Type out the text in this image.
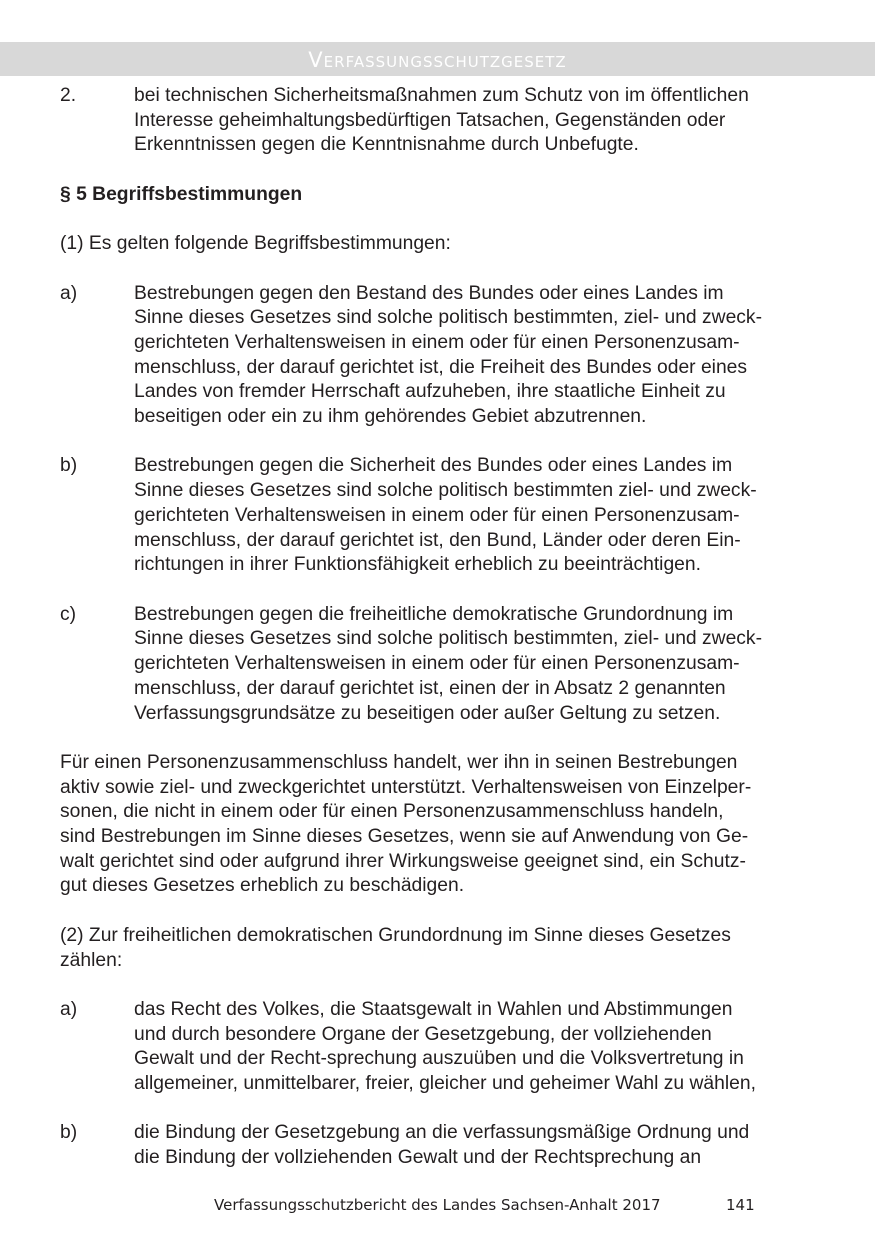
Verfassungsschutzgesetz
2.	bei technischen Sicherheitsmaßnahmen zum Schutz von im öffentlichen
Interesse geheimhaltungsbedürftigen Tatsachen, Gegenständen oder
Erkenntnissen gegen die Kenntnisnahme durch Unbefugte.
§ 5 Begriffsbestimmungen
(1) Es gelten folgende Begriffsbestimmungen:
a)	Bestrebungen gegen den Bestand des Bundes oder eines Landes im
Sinne dieses Gesetzes sind solche politisch bestimmten, ziel- und zweck-
gerichteten Verhaltensweisen in einem oder für einen Personenzusam-
menschluss, der darauf gerichtet ist, die Freiheit des Bundes oder eines
Landes von fremder Herrschaft aufzuheben, ihre staatliche Einheit zu
beseitigen oder ein zu ihm gehörendes Gebiet abzutrennen.
b)	Bestrebungen gegen die Sicherheit des Bundes oder eines Landes im
Sinne dieses Gesetzes sind solche politisch bestimmten ziel- und zweck-
gerichteten Verhaltensweisen in einem oder für einen Personenzusam-
menschluss, der darauf gerichtet ist, den Bund, Länder oder deren Ein-
richtungen in ihrer Funktionsfähigkeit erheblich zu beeinträchtigen.
c)	Bestrebungen gegen die freiheitliche demokratische Grundordnung im
Sinne dieses Gesetzes sind solche politisch bestimmten, ziel- und zweck-
gerichteten Verhaltensweisen in einem oder für einen Personenzusam-
menschluss, der darauf gerichtet ist, einen der in Absatz 2 genannten
Verfassungsgrundsätze zu beseitigen oder außer Geltung zu setzen.
Für einen Personenzusammenschluss handelt, wer ihn in seinen Bestrebungen
aktiv sowie ziel- und zweckgerichtet unterstützt. Verhaltensweisen von Einzelper-
sonen, die nicht in einem oder für einen Personenzusammenschluss handeln,
sind Bestrebungen im Sinne dieses Gesetzes, wenn sie auf Anwendung von Ge-
walt gerichtet sind oder aufgrund ihrer Wirkungsweise geeignet sind, ein Schutz-
gut dieses Gesetzes erheblich zu beschädigen.
(2) Zur freiheitlichen demokratischen Grundordnung im Sinne dieses Gesetzes
zählen:
a)	das Recht des Volkes, die Staatsgewalt in Wahlen und Abstimmungen
und durch besondere Organe der Gesetzgebung, der vollziehenden
Gewalt und der Recht-sprechung auszuüben und die Volksvertretung in
allgemeiner, unmittelbarer, freier, gleicher und geheimer Wahl zu wählen,
b)	die Bindung der Gesetzgebung an die verfassungsmäßige Ordnung und
die Bindung der vollziehenden Gewalt und der Rechtsprechung an
Verfassungsschutzbericht des Landes Sachsen-Anhalt 2017	141
